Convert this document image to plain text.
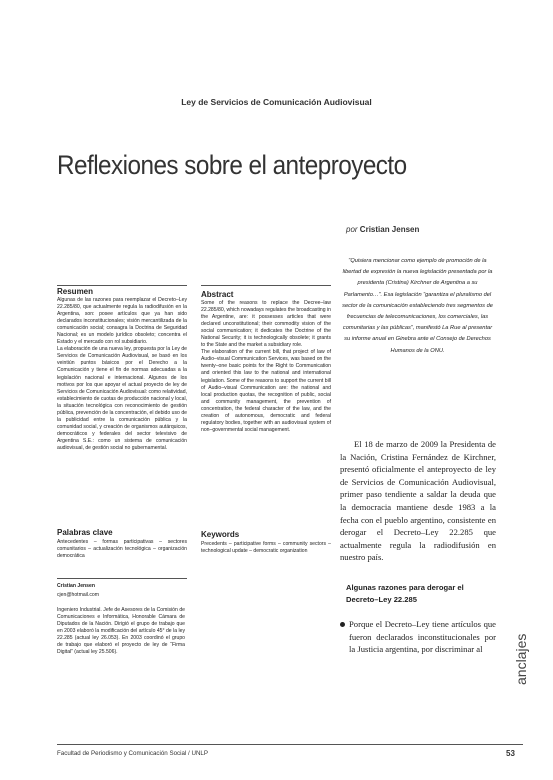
Ley de Servicios de Comunicación Audiovisual
Reflexiones sobre el anteproyecto
por Cristian Jensen
Resumen

Algunas de las razones para reemplazar el Decreto–Ley 22.285/80, que actualmente regula la radiodifusión en la Argentina, son: posee artículos que ya han sido declarados inconstitucionales; visión mercantilizada de la comunicación social; consagra la Doctrina de Seguridad Nacional; es un modelo jurídico obsoleto; concentra el Estado y el mercado con rol subsidiario.

La elaboración de una nueva ley, propuesta por la Ley de Servicios de Comunicación Audiovisual, se basó en los veintiún puntos básicos por el Derecho a la Comunicación y tiene el fin de normas adecuadas a la legislación nacional e internacional. Algunos de los motivos por los que apoyar el actual proyecto de ley de Servicios de Comunicación Audiovisual: como relatividad, establecimiento de cuotas de producción nacional y local, la situación tecnológica con reconocimiento de gestión pública, prevención de la concentración, el debido uso de la publicidad entre la comunicación pública y la comunidad social, y creación de organismos autárquicos, democráticos y federales del sector televisivo de Argentina S.E.: como un sistema de comunicación audiovisual, de gestión social no gubernamental.

Palabras clave
Antecedentes – formas participativas – sectores comunitarios – actualización tecnológica – organización democrática
Abstract

Some of the reasons to replace the Decree–law 22.285/80, which nowadays regulates the broadcasting in the Argentine, are: it possesses articles that were declared unconstitutional; their commodity vision of the social communication; it dedicates the Doctrine of the National Security; it is technologically obsolete; it grants to the State and the market a subsidiary role.

The elaboration of the current bill, that project of law of Audio–visual Communication Services, was based on the twenty–one basic points for the Right to Communication and oriented this law to the national and international legislation. Some of the reasons to support the current bill of Audio–visual Communication are: the national and local production quotas, the recognition of public, social and community management, the prevention of concentration, the federal character of the law, and the creation of autonomous, democratic and federal regulatory bodies, together with an audiovisual system of non–governmental social management.

Keywords
Precedents – participative forms – community sectors – technological update – democratic organization
Cristian Jensen
cjen@hotmail.com
Ingeniero Industrial. Jefe de Asesores de la Comisión de Comunicaciones e Informática, Honorable Cámara de Diputados de la Nación. Dirigió el grupo de trabajo que en 2003 elaboró la modificación del artículo 45° de la ley 22.285 (actual ley 26.053). En 2003 coordinó el grupo de trabajo que elaboró el proyecto de ley de “Firma Digital” (actual ley 25.506).
“Quisiera mencionar como ejemplo de promoción de la libertad de expresión la nueva legislación presentada por la presidenta (Cristina) Kirchner de Argentina a su Parlamento…”. Esa legislación “garantiza el pluralismo del sector de la comunicación estableciendo tres segmentos de frecuencias de telecomunicaciones, los comerciales, las comunitarias y las públicas”, manifestó La Rue al presentar su informe anual en Ginebra ante el Consejo de Derechos Humanos de la ONU.
El 18 de marzo de 2009 la Presidenta de la Nación, Cristina Fernández de Kirchner, presentó oficialmente el anteproyecto de ley de Servicios de Comunicación Audiovisual, primer paso tendiente a saldar la deuda que la democracia mantiene desde 1983 a la fecha con el pueblo argentino, consistente en derogar el Decreto–Ley 22.285 que actualmente regula la radiodifusión en nuestro país.
Algunas razones para derogar el Decreto–Ley 22.285
Porque el Decreto–Ley tiene artículos que fueron declarados inconstitucionales por la Justicia argentina, por discriminar al	anclajes
Facultad de Periodismo y Comunicación Social / UNLP	53
